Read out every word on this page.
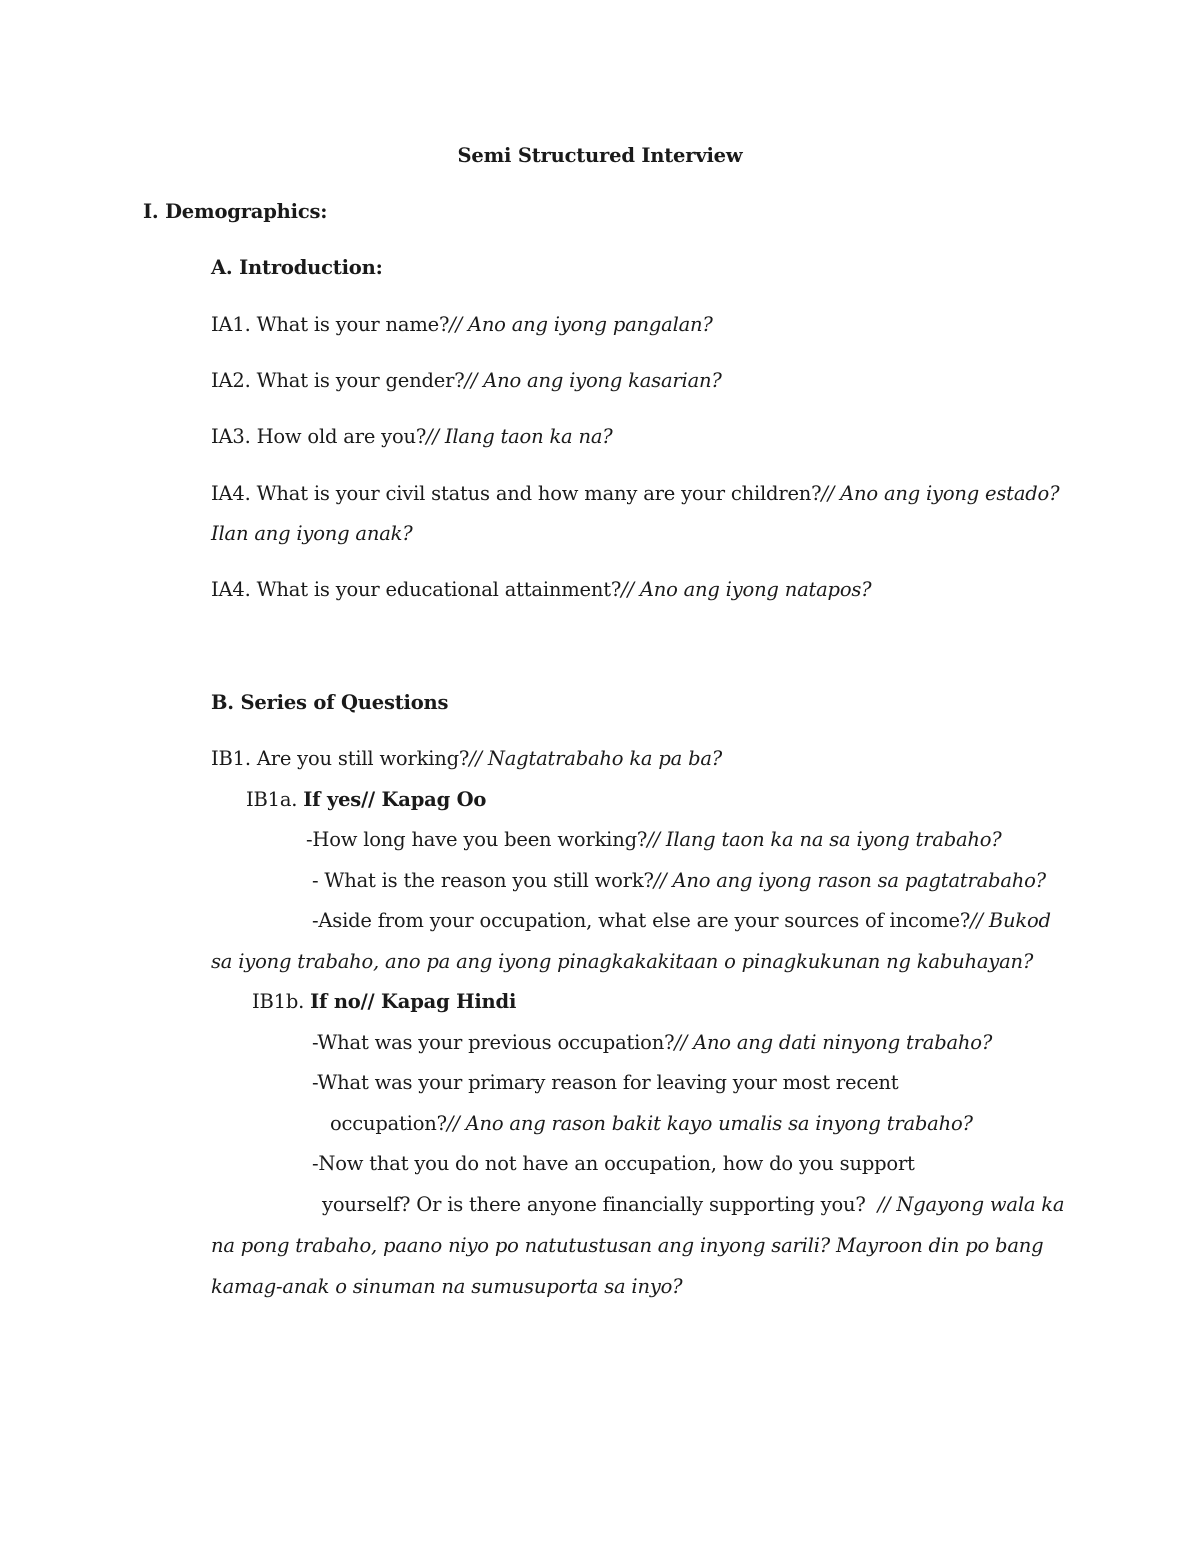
Semi Structured Interview
I. Demographics:
A. Introduction:
IA1. What is your name?// Ano ang iyong pangalan?
IA2. What is your gender?// Ano ang iyong kasarian?
IA3. How old are you?// Ilang taon ka na?
IA4. What is your civil status and how many are your children?// Ano ang iyong estado?
Ilan ang iyong anak?
IA4. What is your educational attainment?// Ano ang iyong natapos?
B. Series of Questions
IB1. Are you still working?// Nagtatrabaho ka pa ba?
IB1a. If yes// Kapag Oo
-How long have you been working?// Ilang taon ka na sa iyong trabaho?
- What is the reason you still work?// Ano ang iyong rason sa pagtatrabaho?
-Aside from your occupation, what else are your sources of income?// Bukod
sa iyong trabaho, ano pa ang iyong pinagkakakitaan o pinagkukunan ng kabuhayan?
IB1b. If no// Kapag Hindi
-What was your previous occupation?// Ano ang dati ninyong trabaho?
-What was your primary reason for leaving your most recent
occupation?// Ano ang rason bakit kayo umalis sa inyong trabaho?
-Now that you do not have an occupation, how do you support
yourself? Or is there anyone financially supporting you?  // Ngayong wala ka
na pong trabaho, paano niyo po natutustusan ang inyong sarili? Mayroon din po bang
kamag-anak o sinuman na sumusuporta sa inyo?
